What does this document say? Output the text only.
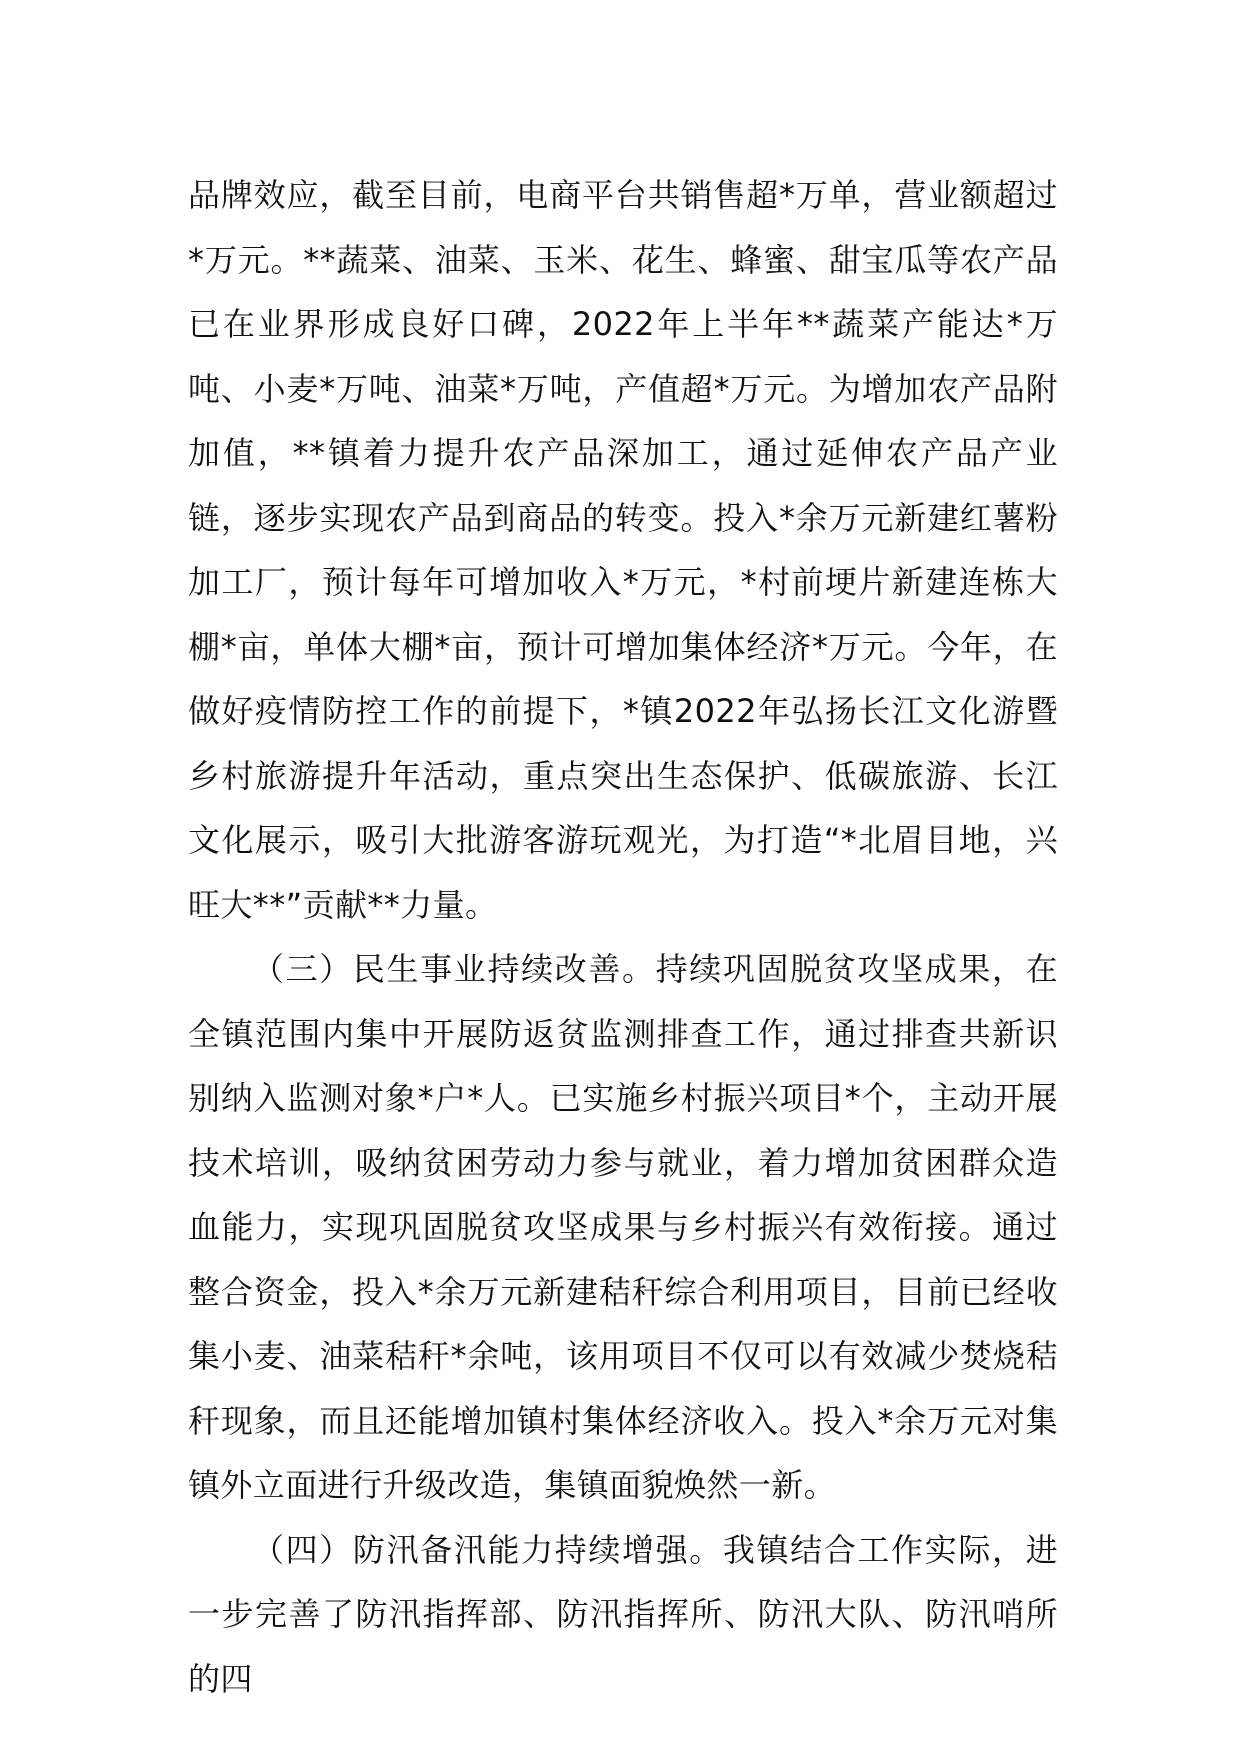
品牌效应，截至目前，电商平台共销售超*万单，营业额超过*万元。**蔬菜、油菜、玉米、花生、蜂蜜、甜宝瓜等农产品已在业界形成良好口碑，2022年上半年**蔬菜产能达*万吨、小麦*万吨、油菜*万吨，产值超*万元。为增加农产品附加值，**镇着力提升农产品深加工，通过延伸农产品产业链，逐步实现农产品到商品的转变。投入*余万元新建红薯粉加工厂，预计每年可增加收入*万元，*村前埂片新建连栋大棚*亩，单体大棚*亩，预计可增加集体经济*万元。今年，在做好疫情防控工作的前提下，*镇2022年弘扬长江文化游暨乡村旅游提升年活动，重点突出生态保护、低碳旅游、长江文化展示，吸引大批游客游玩观光，为打造“*北眉目地，兴旺大**”贡献**力量。

（三）民生事业持续改善。持续巩固脱贫攻坚成果，在全镇范围内集中开展防返贫监测排查工作，通过排查共新识别纳入监测对象*户*人。已实施乡村振兴项目*个，主动开展技术培训，吸纳贫困劳动力参与就业，着力增加贫困群众造血能力，实现巩固脱贫攻坚成果与乡村振兴有效衔接。通过整合资金，投入*余万元新建秸秆综合利用项目，目前已经收集小麦、油菜秸秆*余吨，该用项目不仅可以有效减少焚烧秸秆现象，而且还能增加镇村集体经济收入。投入*余万元对集镇外立面进行升级改造，集镇面貌焕然一新。

（四）防汛备汛能力持续增强。我镇结合工作实际，进一步完善了防汛指挥部、防汛指挥所、防汛大队、防汛哨所的四
